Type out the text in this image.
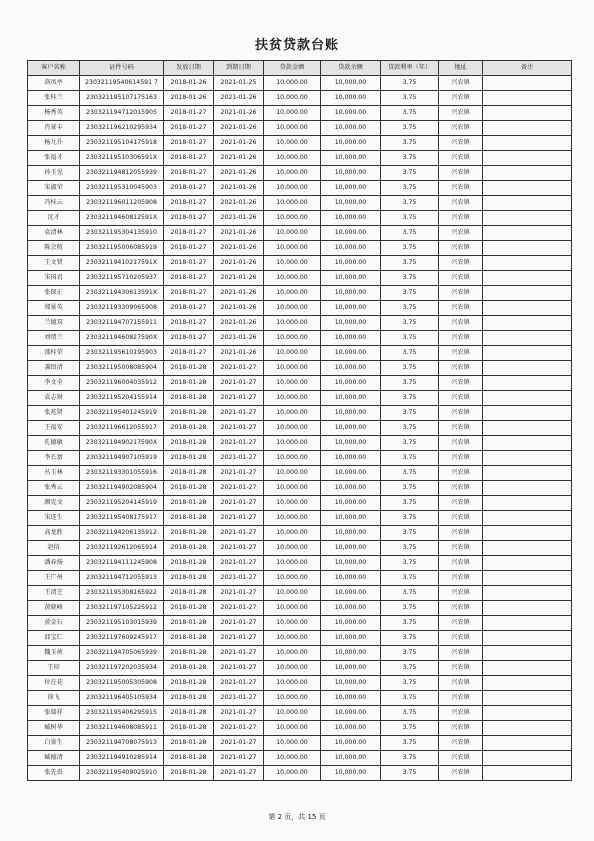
扶贫贷款台账
客户名称	证件号码	发放日期	到期日期	贷款金额	贷款余额	贷款利率（年）	地址	备注
洛凤亭	23032119540614591 7	2018-01-26	2021-01-25	10,000.00	10,000.00	3.75	兴农镇	
张桂兰	230321195107175163	2018-01-26	2021-01-26	10,000.00	10,000.00	3.75	兴农镇	
杨秀英	230321194712015905	2018-01-27	2021-01-26	10,000.00	10,000.00	3.75	兴农镇	
肖景丰	230321196210295934	2018-01-27	2021-01-26	10,000.00	10,000.00	3.75	兴农镇	
杨九升	230321195104175918	2018-01-27	2021-01-26	10,000.00	10,000.00	3.75	兴农镇	
张福才	23032119510306591X	2018-01-27	2021-01-26	10,000.00	10,000.00	3.75	兴农镇	
孙玉见	230321194812055939	2018-01-27	2021-01-26	10,000.00	10,000.00	3.75	兴农镇	
宋淑荣	230321195310045903	2018-01-27	2021-01-26	10,000.00	10,000.00	3.75	兴农镇	
冯桂云	230321196011205908	2018-01-27	2021-01-26	10,000.00	10,000.00	3.75	兴农镇	
沈才	23032119460812591X	2018-01-27	2021-01-26	10,000.00	10,000.00	3.75	兴农镇	
袁清林	230321195304135910	2018-01-27	2021-01-26	10,000.00	10,000.00	3.75	兴农镇	
陈会照	230321195006085919	2018-01-27	2021-01-26	10,000.00	10,000.00	3.75	兴农镇	
王文贤	23032119410217591X	2018-01-27	2021-01-26	10,000.00	10,000.00	3.75	兴农镇	
宋国君	230321195710205937	2018-01-27	2021-01-26	10,000.00	10,000.00	3.75	兴农镇	
张保正	23032119430613591X	2018-01-27	2021-01-26	10,000.00	10,000.00	3.75	兴农镇	
郑景英	230321193309065908	2018-01-27	2021-01-26	10,000.00	10,000.00	3.75	兴农镇	
兰德双	230321194707155911	2018-01-27	2021-01-26	10,000.00	10,000.00	3.75	兴农镇	
刘绪兰	23032119460827590X	2018-01-27	2021-01-26	10,000.00	10,000.00	3.75	兴农镇	
邵桂荣	230321195610195903	2018-01-27	2021-01-26	10,000.00	10,000.00	3.75	兴农镇	
袭绍清	230321195008085904	2018-01-28	2021-01-27	10,000.00	10,000.00	3.75	兴农镇	
李文全	230321196004035912	2018-01-28	2021-01-27	10,000.00	10,000.00	3.75	兴农镇	
袁志财	230321195204155914	2018-01-28	2021-01-27	10,000.00	10,000.00	3.75	兴农镇	
张兆贤	230321195401245919	2018-01-28	2021-01-27	10,000.00	10,000.00	3.75	兴农镇	
王福安	230321196612055917	2018-01-28	2021-01-27	10,000.00	10,000.00	3.75	兴农镇	
孔德敏	23032119490217590X	2018-01-28	2021-01-27	10,000.00	10,000.00	3.75	兴农镇	
李长富	230321194907105919	2018-01-28	2021-01-27	10,000.00	10,000.00	3.75	兴农镇	
丛玉林	230321193301055916	2018-01-28	2021-01-27	10,000.00	10,000.00	3.75	兴农镇	
张秀云	230321194902085904	2018-01-28	2021-01-27	10,000.00	10,000.00	3.75	兴农镇	
颜宪文	230321195204145919	2018-01-28	2021-01-27	10,000.00	10,000.00	3.75	兴农镇	
宋连生	230321195408175917	2018-01-28	2021-01-27	10,000.00	10,000.00	3.75	兴农镇	
高龙胜	230321194206135912	2018-01-28	2021-01-27	10,000.00	10,000.00	3.75	兴农镇	
赵信	230321192612065914	2018-01-28	2021-01-27	10,000.00	10,000.00	3.75	兴农镇	
潘春扬	230321194111245908	2018-01-28	2021-01-27	10,000.00	10,000.00	3.75	兴农镇	
王广州	230321194712055913	2018-01-28	2021-01-27	10,000.00	10,000.00	3.75	兴农镇	
王清芝	230321195308165922	2018-01-28	2021-01-27	10,000.00	10,000.00	3.75	兴农镇	
黄晓峰	230321197105225912	2018-01-28	2021-01-27	10,000.00	10,000.00	3.75	兴农镇	
黄金石	230321195103015939	2018-01-28	2021-01-27	10,000.00	10,000.00	3.75	兴农镇	
邱宝仁	230321197609245917	2018-01-28	2021-01-27	10,000.00	10,000.00	3.75	兴农镇	
魏玉祯	230321194705065939	2018-01-28	2021-01-27	10,000.00	10,000.00	3.75	兴农镇	
王印	230321197202035934	2018-01-28	2021-01-27	10,000.00	10,000.00	3.75	兴农镇	
位在花	230321195005305908	2018-01-28	2021-01-27	10,000.00	10,000.00	3.75	兴农镇	
徐飞	230321196405105934	2018-01-28	2021-01-27	10,000.00	10,000.00	3.75	兴农镇	
张瑞祥	230321195406295915	2018-01-28	2021-01-27	10,000.00	10,000.00	3.75	兴农镇	
臧树华	230321194608085911	2018-01-28	2021-01-27	10,000.00	10,000.00	3.75	兴农镇	
白景生	230321194708075913	2018-01-28	2021-01-27	10,000.00	10,000.00	3.75	兴农镇	
臧德清	230321194910285914	2018-01-28	2021-01-27	10,000.00	10,000.00	3.75	兴农镇	
张先贵	230321195409025910	2018-01-28	2021-01-27	10,000.00	10,000.00	3.75	兴农镇	
第 2 页，共 15 页
